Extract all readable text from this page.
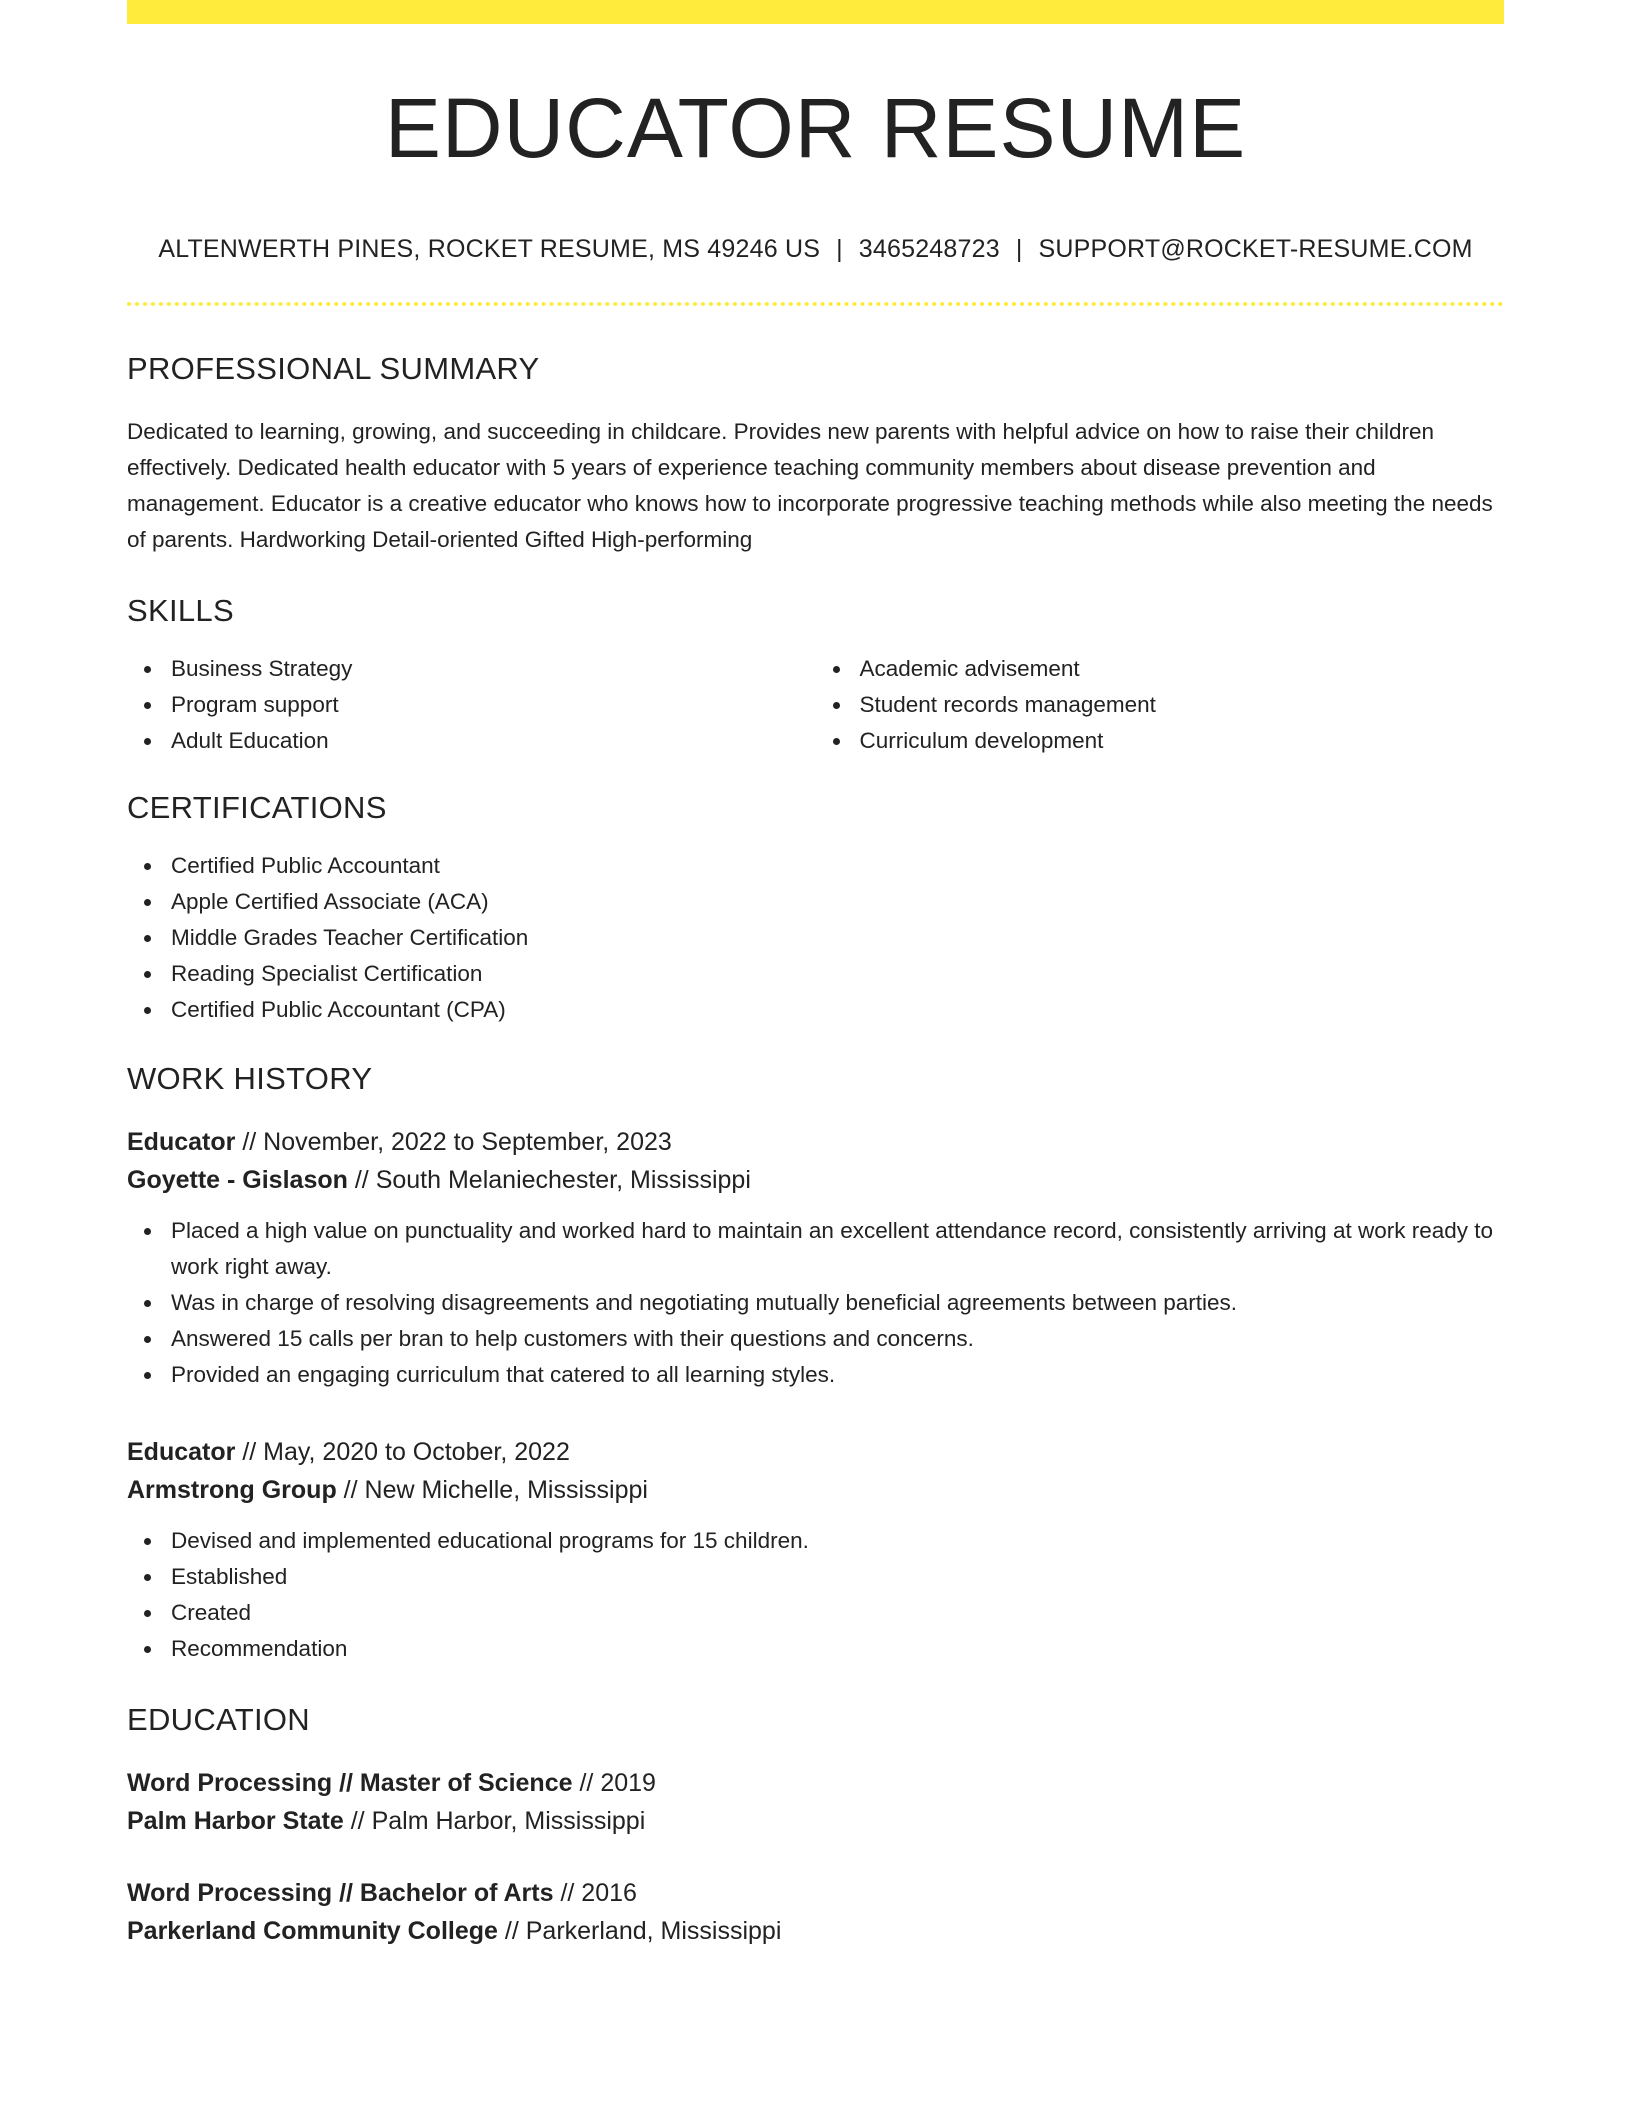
EDUCATOR RESUME
ALTENWERTH PINES, ROCKET RESUME, MS 49246 US | 3465248723 | SUPPORT@ROCKET-RESUME.COM
PROFESSIONAL SUMMARY

Dedicated to learning, growing, and succeeding in childcare. Provides new parents with helpful advice on how to raise their children effectively. Dedicated health educator with 5 years of experience teaching community members about disease prevention and management. Educator is a creative educator who knows how to incorporate progressive teaching methods while also meeting the needs of parents. Hardworking Detail-oriented Gifted High-performing

SKILLS
Business Strategy
Program support
Adult Education
Academic advisement
Student records management
Curriculum development
CERTIFICATIONS
Certified Public Accountant
Apple Certified Associate (ACA)
Middle Grades Teacher Certification
Reading Specialist Certification
Certified Public Accountant (CPA)
WORK HISTORY
Educator // November, 2022 to September, 2023
Goyette - Gislason // South Melaniechester, Mississippi
Placed a high value on punctuality and worked hard to maintain an excellent attendance record, consistently arriving at work ready to work right away.
Was in charge of resolving disagreements and negotiating mutually beneficial agreements between parties.
Answered 15 calls per bran to help customers with their questions and concerns.
Provided an engaging curriculum that catered to all learning styles.
Educator // May, 2020 to October, 2022
Armstrong Group // New Michelle, Mississippi
Devised and implemented educational programs for 15 children.
Established
Created
Recommendation
EDUCATION
Word Processing // Master of Science // 2019
Palm Harbor State // Palm Harbor, Mississippi
Word Processing // Bachelor of Arts // 2016
Parkerland Community College // Parkerland, Mississippi
